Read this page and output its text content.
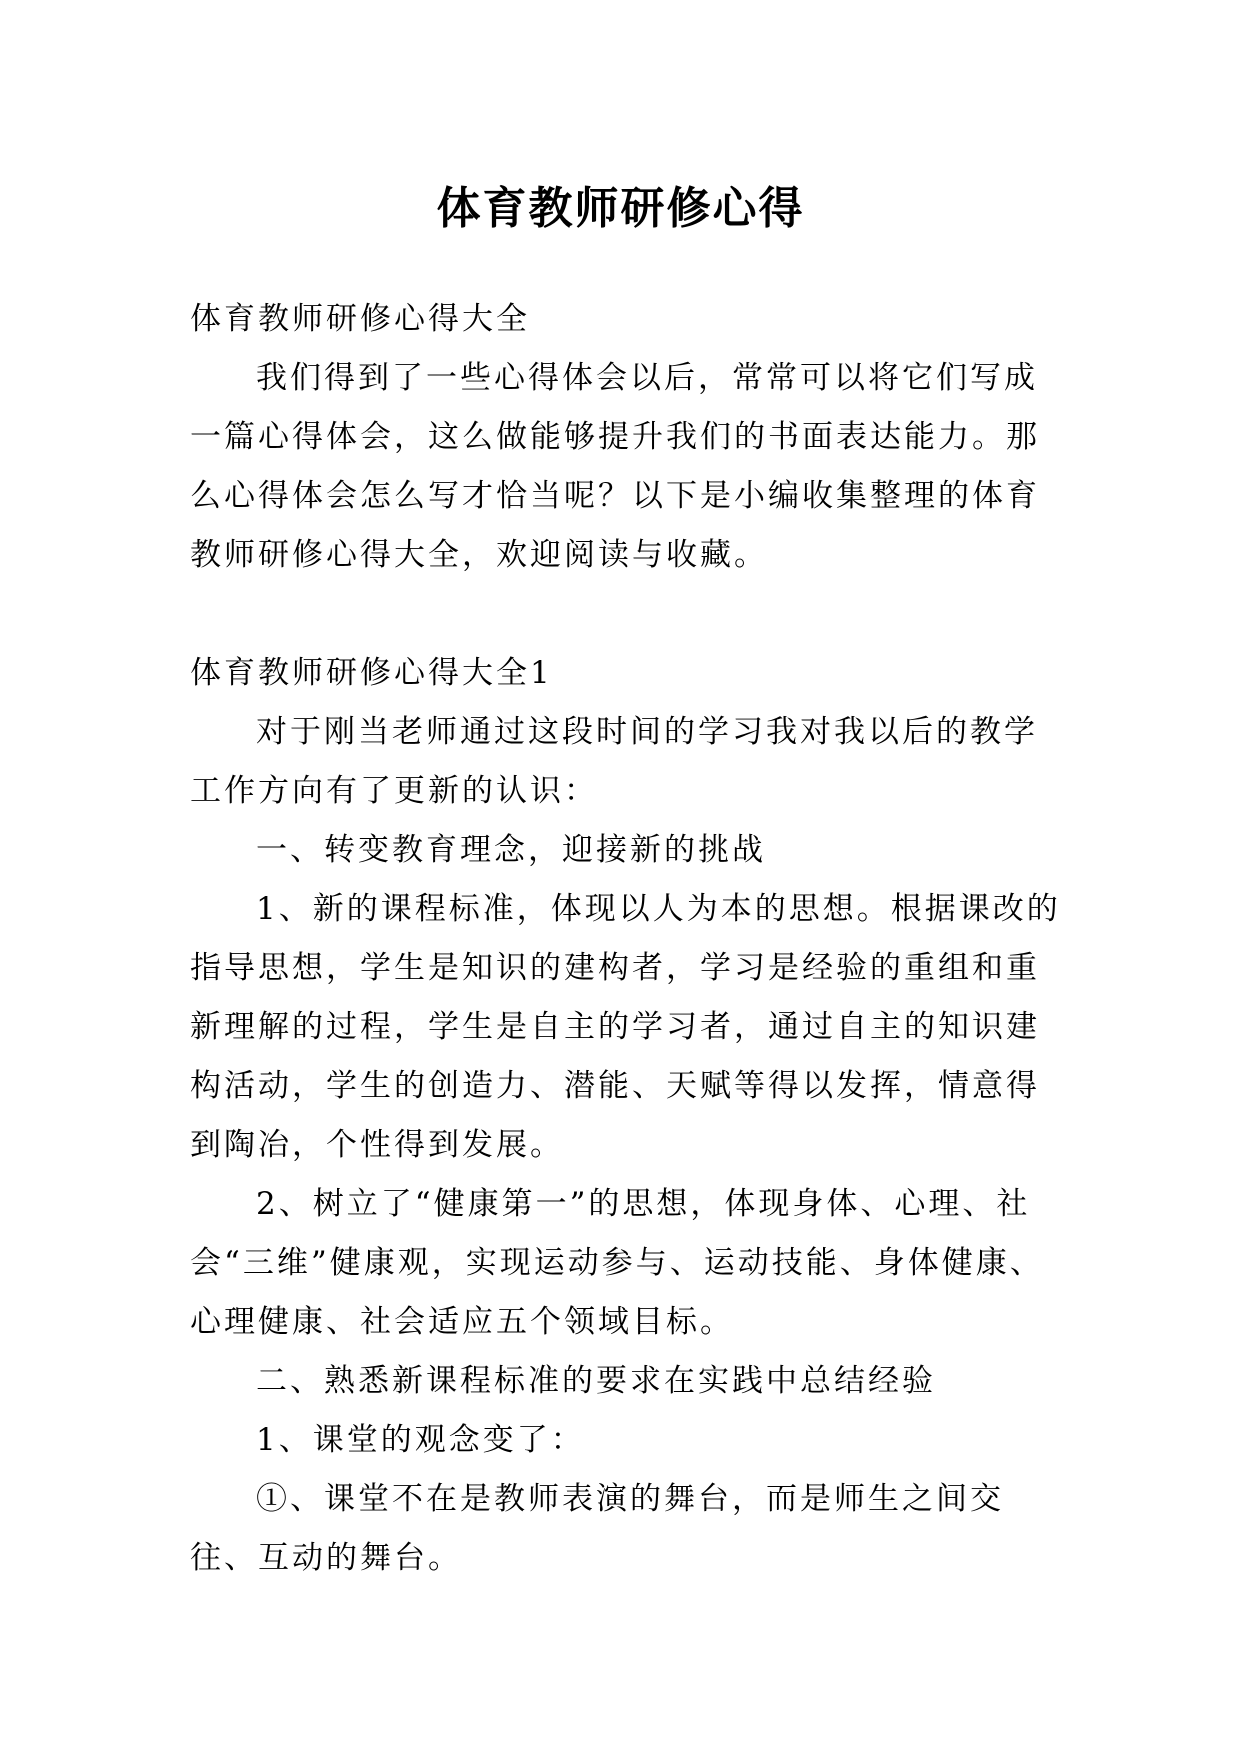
体育教师研修心得

体育教师研修心得大全

我们得到了一些心得体会以后，常常可以将它们写成一篇心得体会，这么做能够提升我们的书面表达能力。那么心得体会怎么写才恰当呢？以下是小编收集整理的体育教师研修心得大全，欢迎阅读与收藏。

体育教师研修心得大全1

对于刚当老师通过这段时间的学习我对我以后的教学工作方向有了更新的认识：

一、转变教育理念，迎接新的挑战

1、新的课程标准，体现以人为本的思想。根据课改的指导思想，学生是知识的建构者，学习是经验的重组和重新理解的过程，学生是自主的学习者，通过自主的知识建构活动，学生的创造力、潜能、天赋等得以发挥，情意得到陶冶，个性得到发展。

2、树立了“健康第一”的思想，体现身体、心理、社会“三维”健康观，实现运动参与、运动技能、身体健康、心理健康、社会适应五个领域目标。

二、熟悉新课程标准的要求在实践中总结经验

1、课堂的观念变了：

①、课堂不在是教师表演的舞台，而是师生之间交往、互动的舞台。
